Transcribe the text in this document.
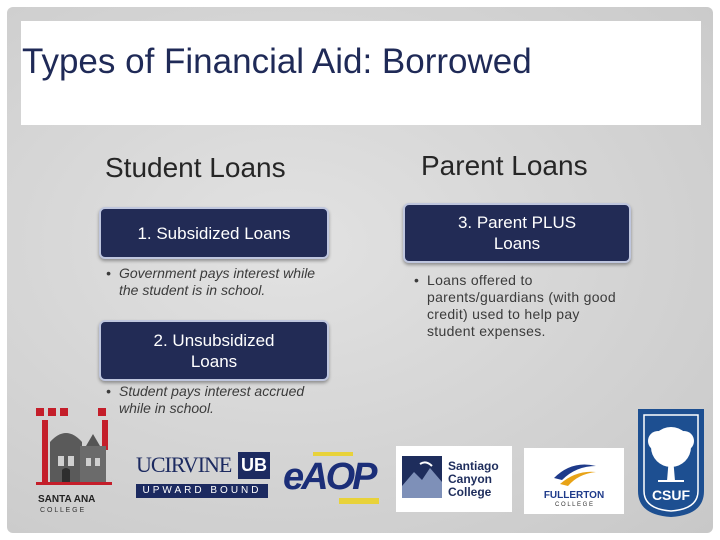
Types of Financial Aid: Borrowed
Student Loans	Parent Loans
1. Subsidized Loans
• Government pays interest while the student is in school.
2. Unsubsidized
Loans
• Student pays interest accrued while in school.
3. Parent PLUS
Loans
• Loans offered to parents/guardians (with good credit) used to help pay student expenses.
SANTA ANA
C O L L E G E
UCIRVINE UB
UPWARD BOUND eAOP	Santiago
Canyon
College	FULLERTON
C O L L E G E
CSUF
